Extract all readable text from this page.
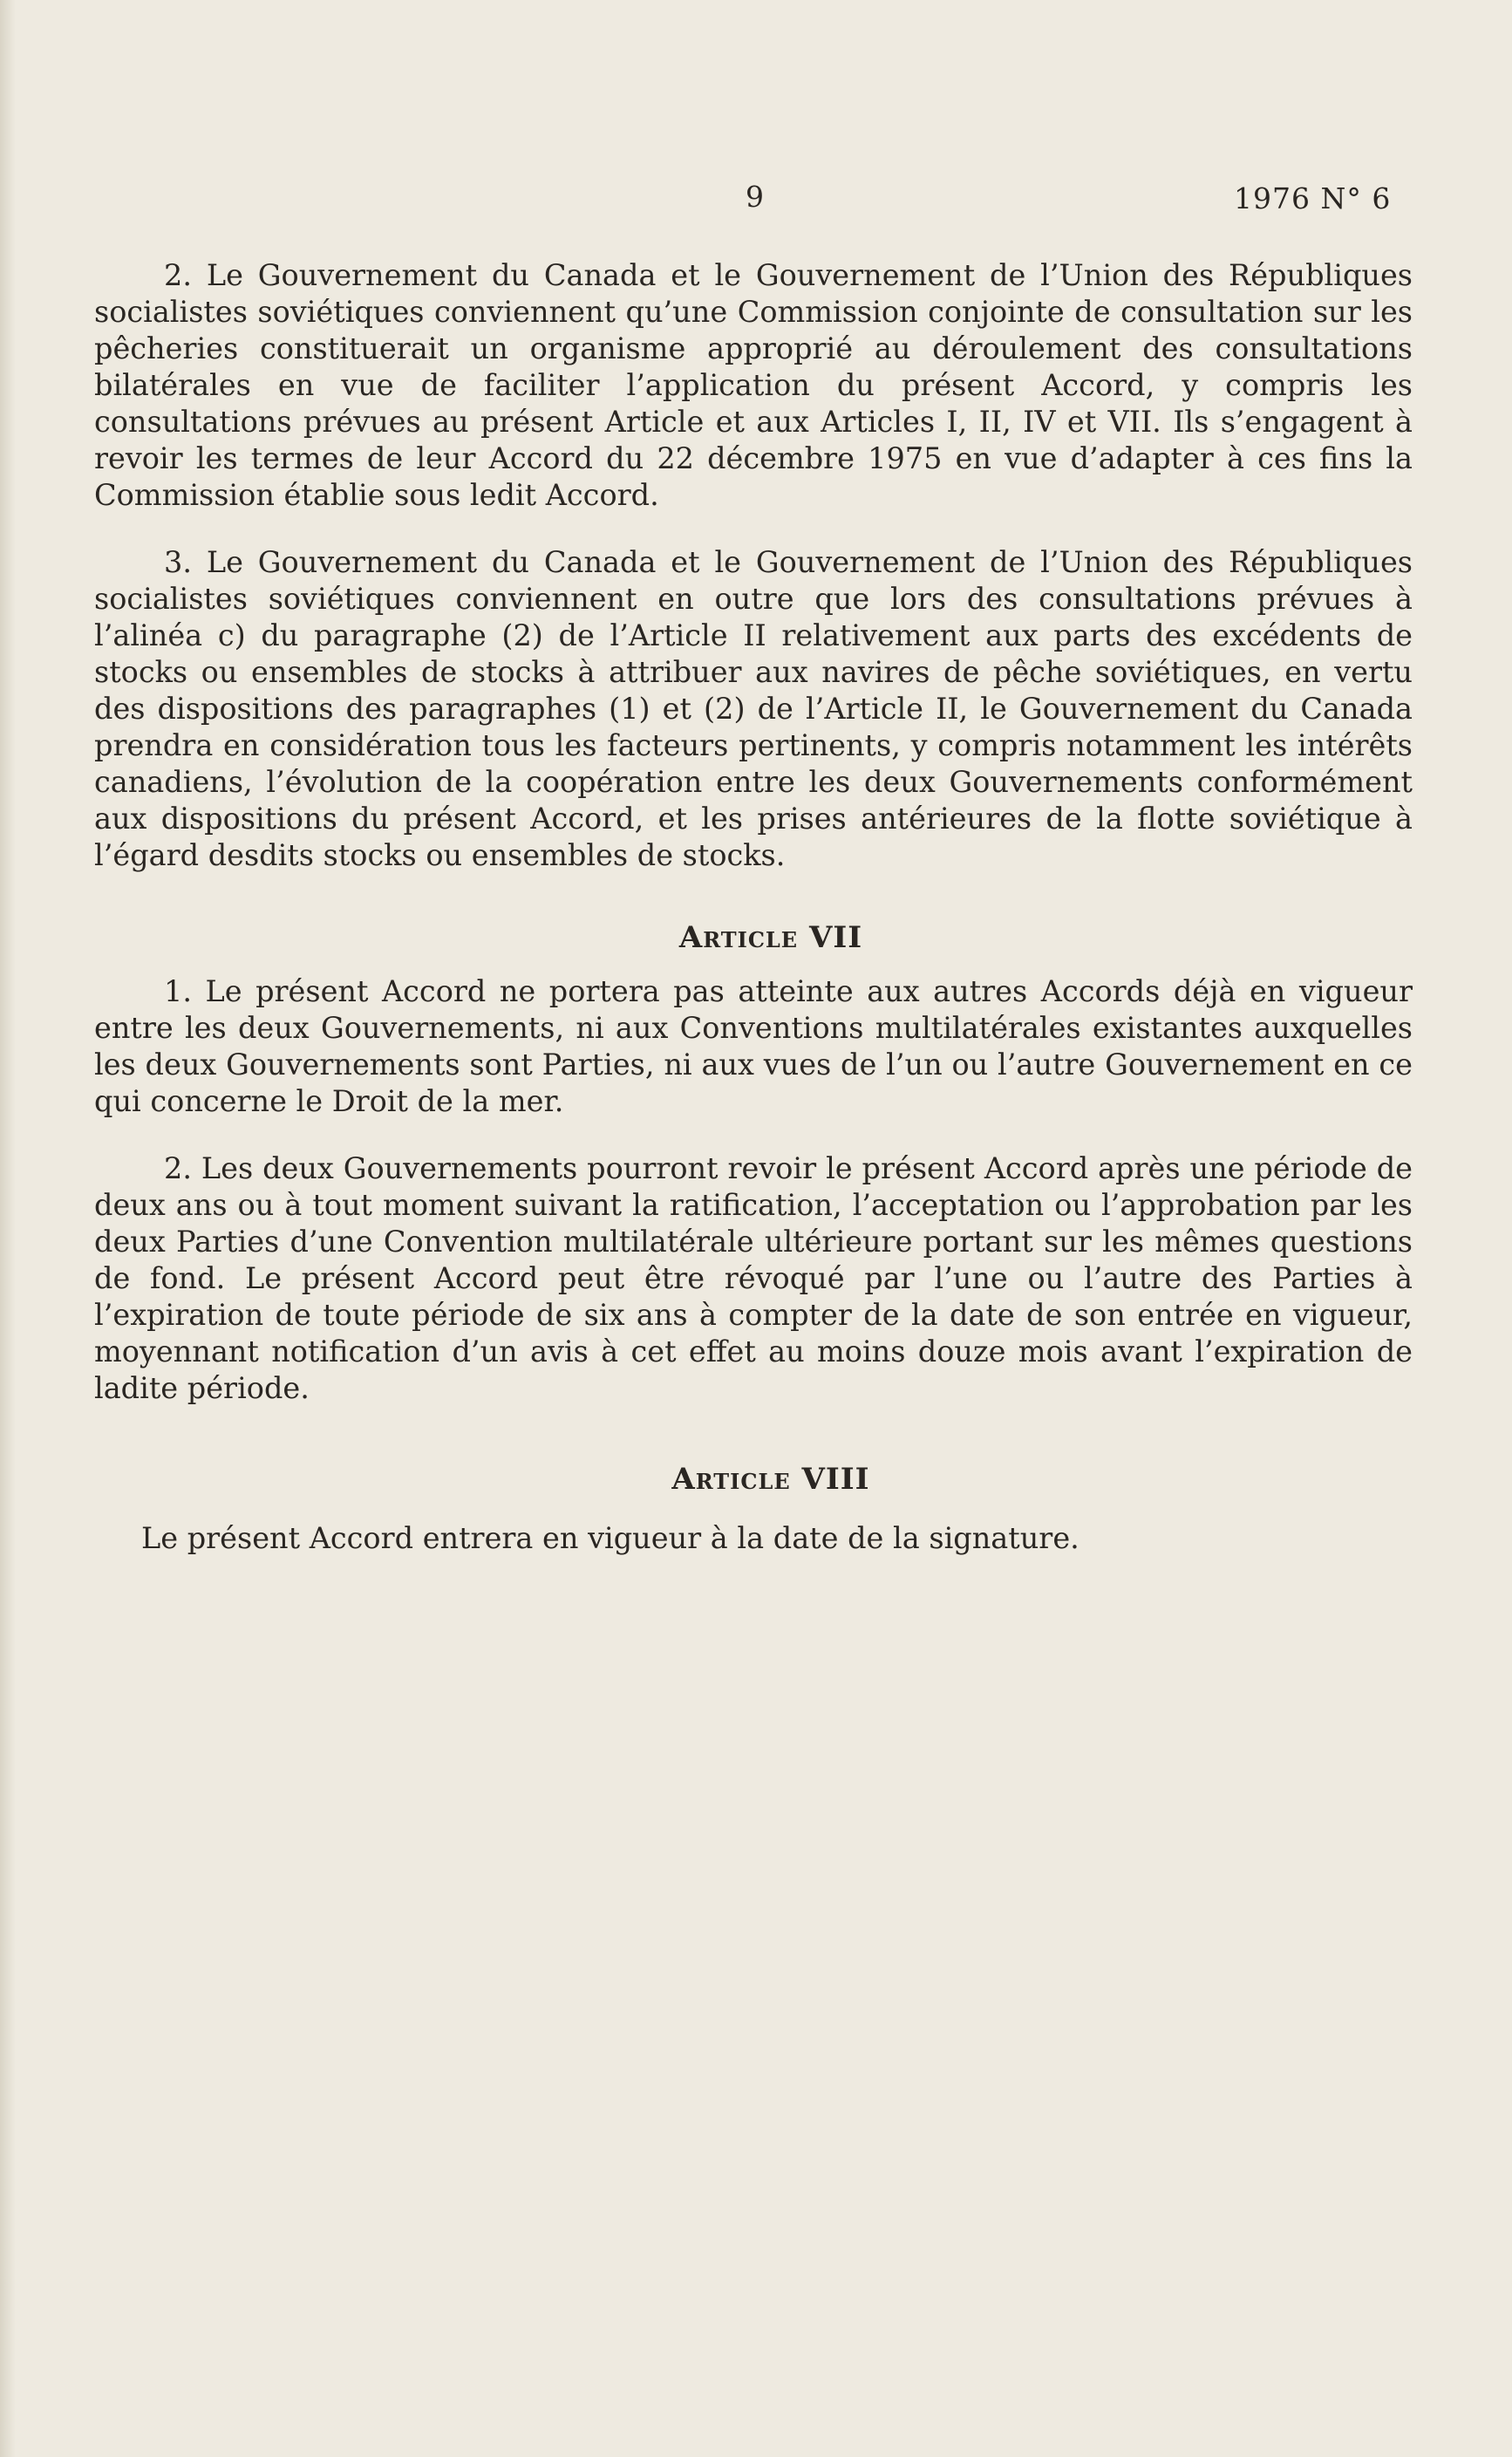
9	1976 N° 6

2. Le Gouvernement du Canada et le Gouvernement de l’Union des Républiques socialistes soviétiques conviennent qu’une Commission conjointe de consultation sur les pêcheries constituerait un organisme approprié au déroulement des consultations bilatérales en vue de faciliter l’application du présent Accord, y compris les consultations prévues au présent Article et aux Articles I, II, IV et VII. Ils s’engagent à revoir les termes de leur Accord du 22 décembre 1975 en vue d’adapter à ces fins la Commission établie sous ledit Accord.

3. Le Gouvernement du Canada et le Gouvernement de l’Union des Républiques socialistes soviétiques conviennent en outre que lors des consultations prévues à l’alinéa c) du paragraphe (2) de l’Article II relativement aux parts des excédents de stocks ou ensembles de stocks à attribuer aux navires de pêche soviétiques, en vertu des dispositions des paragraphes (1) et (2) de l’Article II, le Gouvernement du Canada prendra en considération tous les facteurs pertinents, y compris notamment les intérêts canadiens, l’évolution de la coopération entre les deux Gouvernements conformément aux dispositions du présent Accord, et les prises antérieures de la flotte soviétique à l’égard desdits stocks ou ensembles de stocks.

Article VII

1. Le présent Accord ne portera pas atteinte aux autres Accords déjà en vigueur entre les deux Gouvernements, ni aux Conventions multilatérales existantes auxquelles les deux Gouvernements sont Parties, ni aux vues de l’un ou l’autre Gouvernement en ce qui concerne le Droit de la mer.

2. Les deux Gouvernements pourront revoir le présent Accord après une période de deux ans ou à tout moment suivant la ratification, l’acceptation ou l’approbation par les deux Parties d’une Convention multilatérale ultérieure portant sur les mêmes questions de fond. Le présent Accord peut être révoqué par l’une ou l’autre des Parties à l’expiration de toute période de six ans à compter de la date de son entrée en vigueur, moyennant notification d’un avis à cet effet au moins douze mois avant l’expiration de ladite période.

Article VIII

Le présent Accord entrera en vigueur à la date de la signature.
